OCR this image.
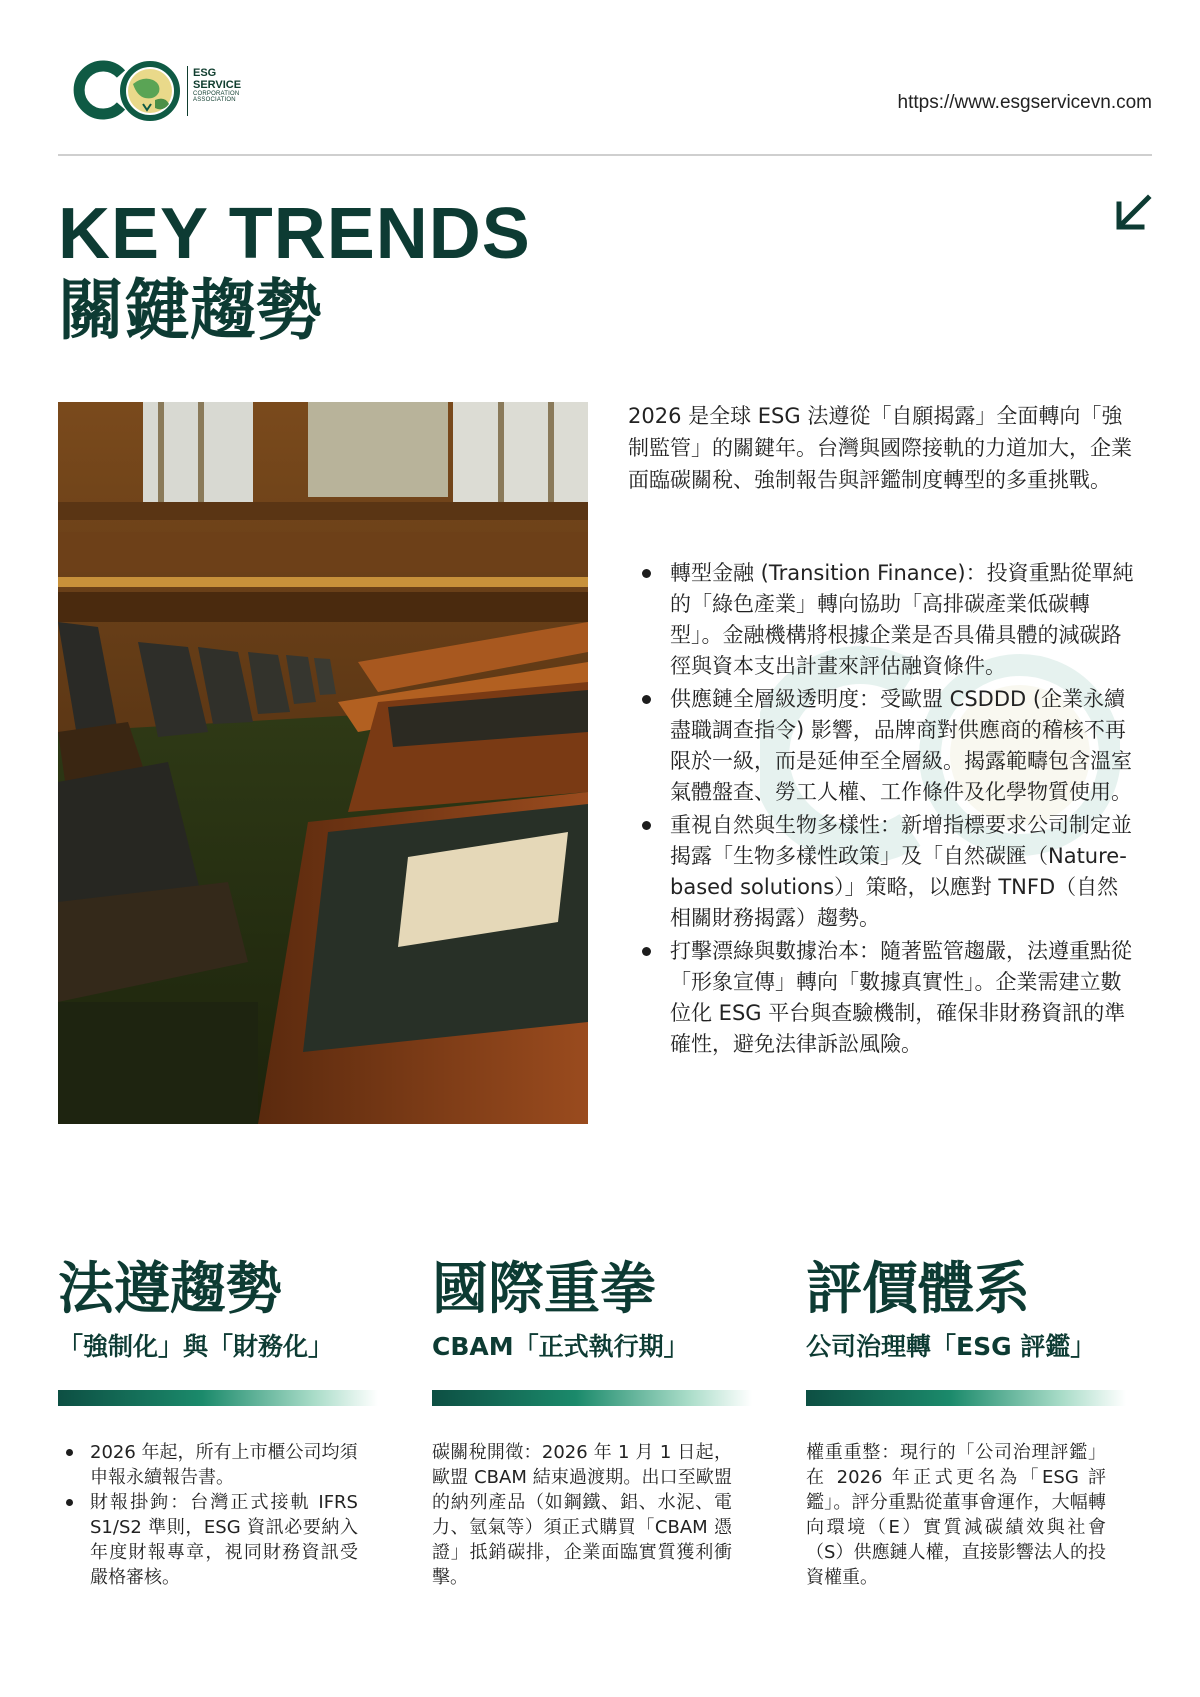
ESG
SERVICE
CORPORATION
ASSOCIATION	https://www.esgservicevn.com
KEY TRENDS
關鍵趨勢
2026 是全球 ESG 法遵從「自願揭露」全面轉向「強制監管」的關鍵年。台灣與國際接軌的力道加大，企業面臨碳關稅、強制報告與評鑑制度轉型的多重挑戰。
轉型金融 (Transition Finance)：投資重點從單純的「綠色產業」轉向協助「高排碳產業低碳轉型」。金融機構將根據企業是否具備具體的減碳路徑與資本支出計畫來評估融資條件。
供應鏈全層級透明度：受歐盟 CSDDD (企業永續盡職調查指令) 影響，品牌商對供應商的稽核不再限於一級，而是延伸至全層級。揭露範疇包含溫室氣體盤查、勞工人權、工作條件及化學物質使用。
重視自然與生物多樣性：新增指標要求公司制定並揭露「生物多樣性政策」及「自然碳匯（Nature-based solutions）」策略，以應對 TNFD（自然相關財務揭露）趨勢。
打擊漂綠與數據治本：隨著監管趨嚴，法遵重點從「形象宣傳」轉向「數據真實性」。企業需建立數位化 ESG 平台與查驗機制，確保非財務資訊的準確性，避免法律訴訟風險。
法遵趨勢
「強制化」與「財務化」
2026 年起，所有上市櫃公司均須申報永續報告書。
財報掛鉤：台灣正式接軌 IFRS S1/S2 準則，ESG 資訊必要納入年度財報專章，視同財務資訊受嚴格審核。
國際重拳
CBAM「正式執行期」
碳關稅開徵：2026 年 1 月 1 日起，歐盟 CBAM 結束過渡期。出口至歐盟的納列產品（如鋼鐵、鋁、水泥、電力、氫氣等）須正式購買「CBAM 憑證」抵銷碳排，企業面臨實質獲利衝擊。
評價體系
公司治理轉「ESG 評鑑」
權重重整：現行的「公司治理評鑑」在 2026 年正式更名為「ESG 評鑑」。評分重點從董事會運作，大幅轉向環境（E）實質減碳績效與社會（S）供應鏈人權，直接影響法人的投資權重。
